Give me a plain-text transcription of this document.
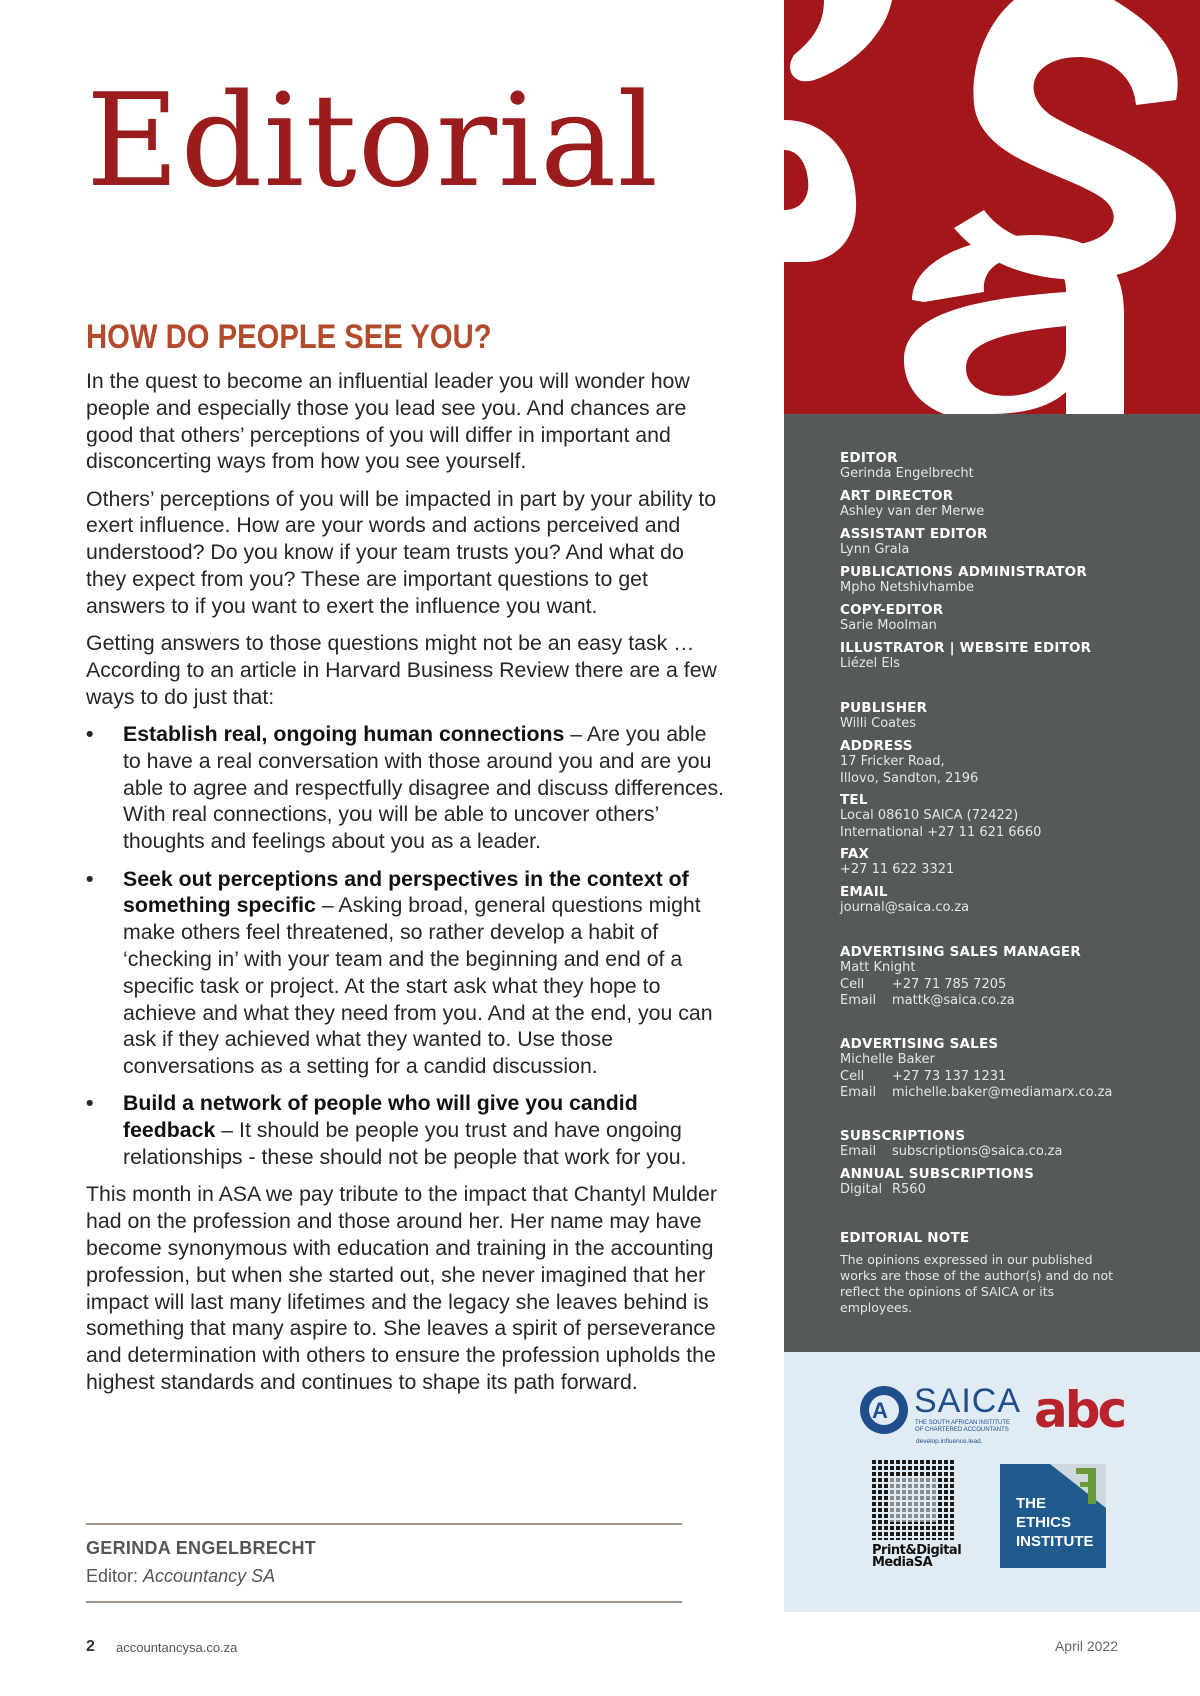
Editorial
HOW DO PEOPLE SEE YOU?

In the quest to become an influential leader you will wonder how people and especially those you lead see you. And chances are good that others’ perceptions of you will differ in important and disconcerting ways from how you see yourself.

Others’ perceptions of you will be impacted in part by your ability to exert influence. How are your words and actions perceived and understood? Do you know if your team trusts you? And what do they expect from you? These are important questions to get answers to if you want to exert the influence you want.

Getting answers to those questions might not be an easy task … According to an article in Harvard Business Review there are a few ways to do just that:

• Establish real, ongoing human connections – Are you able to have a real conversation with those around you and are you able to agree and respectfully disagree and discuss differences. With real connections, you will be able to uncover others’ thoughts and feelings about you as a leader.
• Seek out perceptions and perspectives in the context of something specific – Asking broad, general questions might make others feel threatened, so rather develop a habit of ‘checking in’ with your team and the beginning and end of a specific task or project. At the start ask what they hope to achieve and what they need from you. And at the end, you can ask if they achieved what they wanted to. Use those conversations as a setting for a candid discussion.
• Build a network of people who will give you candid feedback – It should be people you trust and have ongoing relationships - these should not be people that work for you.

This month in ASA we pay tribute to the impact that Chantyl Mulder had on the profession and those around her. Her name may have become synonymous with education and training in the accounting profession, but when she started out, she never imagined that her impact will last many lifetimes and the legacy she leaves behind is something that many aspire to. She leaves a spirit of perseverance and determination with others to ensure the profession upholds the highest standards and continues to shape its path forward.

GERINDA ENGELBRECHT
Editor: Accountancy SA
2 accountancysa.co.za	April 2022
EDITOR
Gerinda Engelbrecht
ART DIRECTOR
Ashley van der Merwe
ASSISTANT EDITOR
Lynn Grala
PUBLICATIONS ADMINISTRATOR
Mpho Netshivhambe
COPY-EDITOR
Sarie Moolman
ILLUSTRATOR | WEBSITE EDITOR
Liézel Els
PUBLISHER
Willi Coates
ADDRESS
17 Fricker Road,
Illovo, Sandton, 2196
TEL
Local 08610 SAICA (72422)
International +27 11 621 6660
FAX
+27 11 622 3321
EMAIL
journal@saica.co.za
ADVERTISING SALES MANAGER
Matt Knight
Cell	+27 71 785 7205
Email	mattk@saica.co.za
ADVERTISING SALES
Michelle Baker
Cell	+27 73 137 1231
Email	michelle.baker@mediamarx.co.za
SUBSCRIPTIONS
Email	subscriptions@saica.co.za
ANNUAL SUBSCRIPTIONS
Digital R560
EDITORIAL NOTE
The opinions expressed in our published works are those of the author(s) and do not reflect the opinions of SAICA or its employees.
A SAICA
THE SOUTH AFRICAN INSTITUTE
OF CHARTERED ACCOUNTANTS
develop.influence.lead.
abc
Print&Digital
MediaSA
THE
ETHICS
INSTITUTE
